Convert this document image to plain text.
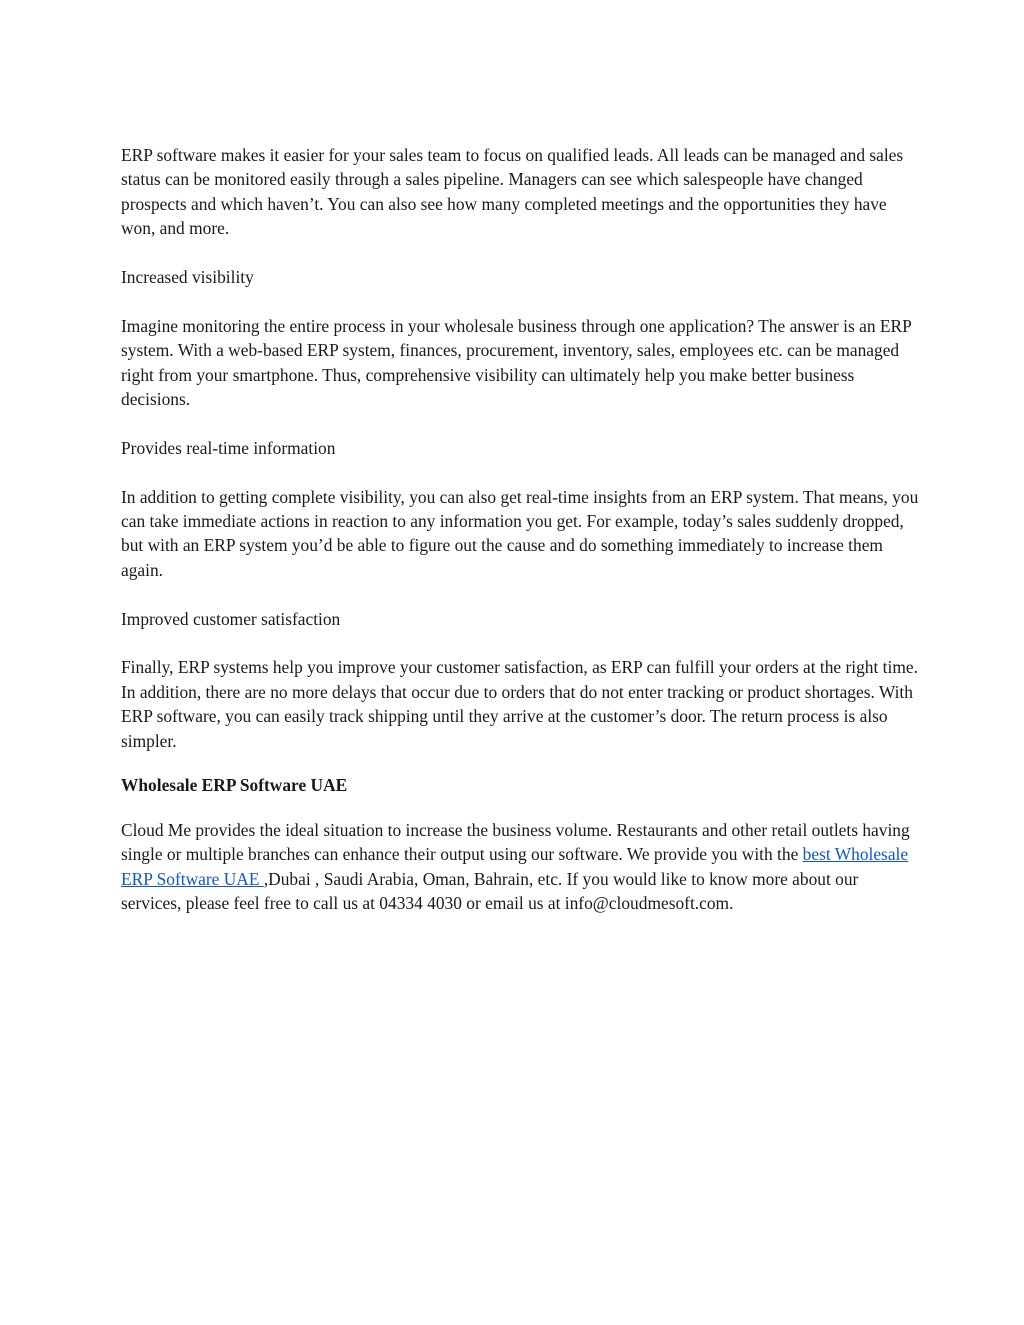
ERP software makes it easier for your sales team to focus on qualified leads. All leads can be managed and sales status can be monitored easily through a sales pipeline. Managers can see which salespeople have changed prospects and which haven’t. You can also see how many completed meetings and the opportunities they have won, and more.

Increased visibility

Imagine monitoring the entire process in your wholesale business through one application? The answer is an ERP system. With a web-based ERP system, finances, procurement, inventory, sales, employees etc. can be managed right from your smartphone. Thus, comprehensive visibility can ultimately help you make better business decisions.

Provides real-time information

In addition to getting complete visibility, you can also get real-time insights from an ERP system. That means, you can take immediate actions in reaction to any information you get. For example, today’s sales suddenly dropped, but with an ERP system you’d be able to figure out the cause and do something immediately to increase them again.

Improved customer satisfaction

Finally, ERP systems help you improve your customer satisfaction, as ERP can fulfill your orders at the right time. In addition, there are no more delays that occur due to orders that do not enter tracking or product shortages. With ERP software, you can easily track shipping until they arrive at the customer’s door. The return process is also simpler.

Wholesale ERP Software UAE

Cloud Me provides the ideal situation to increase the business volume. Restaurants and other retail outlets having single or multiple branches can enhance their output using our software. We provide you with the best Wholesale ERP Software UAE ,Dubai , Saudi Arabia, Oman, Bahrain, etc. If you would like to know more about our services, please feel free to call us at 04334 4030 or email us at info@cloudmesoft.com.
